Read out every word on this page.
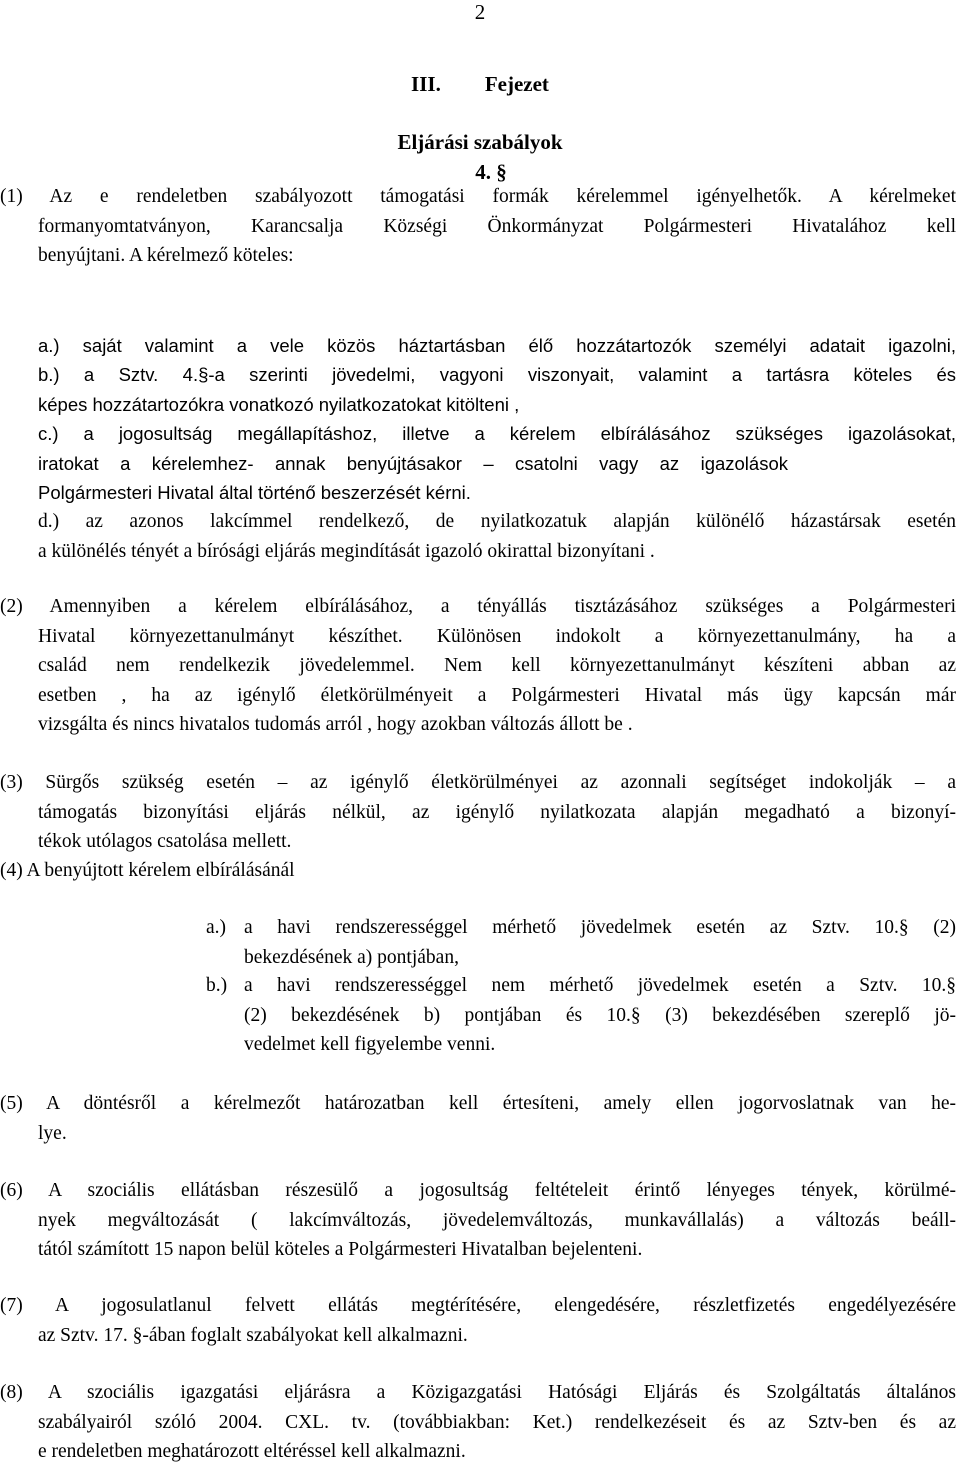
2
III. Fejezet
Eljárási szabályok
4. §
(1) Az e rendeletben szabályozott támogatási formák kérelemmel igényelhetők. A kérelmeket
formanyomtatványon, Karancsalja Községi Önkormányzat Polgármesteri Hivatalához kell
benyújtani. A kérelmező köteles:
a.) saját valamint a vele közös háztartásban élő hozzátartozók személyi adatait igazolni,
b.) a Sztv. 4.§-a szerinti jövedelmi, vagyoni viszonyait, valamint a tartásra köteles és
képes hozzátartozókra vonatkozó nyilatkozatokat kitölteni ,
c.) a jogosultság megállapításhoz, illetve a kérelem elbírálásához szükséges igazolásokat,
iratokat a kérelemhez- annak benyújtásakor – csatolni vagy az igazolások
Polgármesteri Hivatal által történő beszerzését kérni.
d.) az azonos lakcímmel rendelkező, de nyilatkozatuk alapján különélő házastársak esetén
a különélés tényét a bírósági eljárás megindítását igazoló okirattal bizonyítani .
(2) Amennyiben a kérelem elbírálásához, a tényállás tisztázásához szükséges a Polgármesteri
Hivatal környezettanulmányt készíthet. Különösen indokolt a környezettanulmány, ha a
család nem rendelkezik jövedelemmel. Nem kell környezettanulmányt készíteni abban az
esetben , ha az igénylő életkörülményeit a Polgármesteri Hivatal más ügy kapcsán már
vizsgálta és nincs hivatalos tudomás arról , hogy azokban változás állott be .
(3) Sürgős szükség esetén – az igénylő életkörülményei az azonnali segítséget indokolják – a
támogatás bizonyítási eljárás nélkül, az igénylő nyilatkozata alapján megadható a bizonyí-
tékok utólagos csatolása mellett.
(4) A benyújtott kérelem elbírálásánál
a.) a havi rendszerességgel mérhető jövedelmek esetén az Sztv. 10.§ (2)
bekezdésének a) pontjában,
b.) a havi rendszerességgel nem mérhető jövedelmek esetén a Sztv. 10.§
(2) bekezdésének b) pontjában és 10.§ (3) bekezdésében szereplő jö-
vedelmet kell figyelembe venni.
(5) A döntésről a kérelmezőt határozatban kell értesíteni, amely ellen jogorvoslatnak van he-
lye.
(6) A szociális ellátásban részesülő a jogosultság feltételeit érintő lényeges tények, körülmé-
nyek megváltozását ( lakcímváltozás, jövedelemváltozás, munkavállalás) a változás beáll-
tától számított 15 napon belül köteles a Polgármesteri Hivatalban bejelenteni.
(7) A jogosulatlanul felvett ellátás megtérítésére, elengedésére, részletfizetés engedélyezésére
az Sztv. 17. §-ában foglalt szabályokat kell alkalmazni.
(8) A szociális igazgatási eljárásra a Közigazgatási Hatósági Eljárás és Szolgáltatás általános
szabályairól szóló 2004. CXL. tv. (továbbiakban: Ket.) rendelkezéseit és az Sztv-ben és az
e rendeletben meghatározott eltéréssel kell alkalmazni.
